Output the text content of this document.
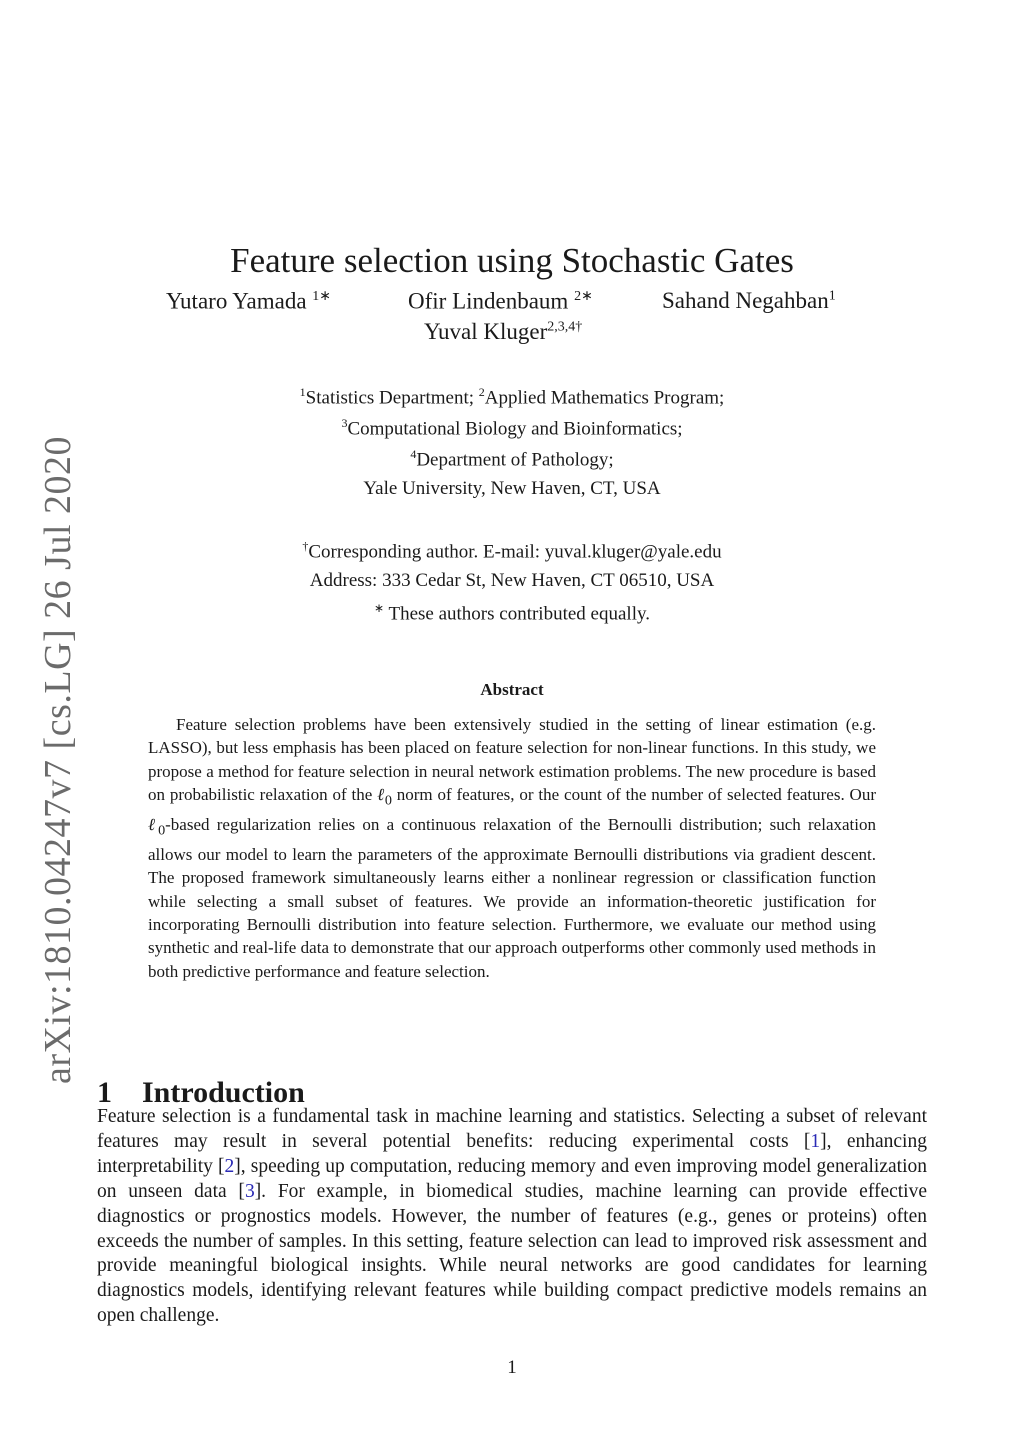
arXiv:1810.04247v7 [cs.LG] 26 Jul 2020
Feature selection using Stochastic Gates
Yutaro Yamada $^{1∗}$	Ofir Lindenbaum $^{2∗}$	Sahand Negahban$^1$
Yuval Kluger$^{2,3,4\dagger}$
$^1$Statistics Department; $^2$Applied Mathematics Program;
$^3$Computational Biology and Bioinformatics;
$^4$Department of Pathology;
Yale University, New Haven, CT, USA
†Corresponding author. E-mail: yuval.kluger@yale.edu
Address: 333 Cedar St, New Haven, CT 06510, USA
∗ These authors contributed equally.
Abstract

Feature selection problems have been extensively studied in the setting of linear estimation (e.g. LASSO), but less emphasis has been placed on feature selection for non-linear functions. In this study, we propose a method for feature selection in neural network estimation problems. The new procedure is based on probabilistic relaxation of the ℓ$_0$ norm of features, or the count of the number of selected features. Our ℓ$_0$-based regularization relies on a continuous relaxation of the Bernoulli distribution; such relaxation allows our model to learn the parameters of the approximate Bernoulli distributions via gradient descent. The proposed framework simultaneously learns either a nonlinear regression or classification function while selecting a small subset of features. We provide an information-theoretic justification for incorporating Bernoulli distribution into feature selection. Furthermore, we evaluate our method using synthetic and real-life data to demonstrate that our approach outperforms other commonly used methods in both predictive performance and feature selection.

1 Introduction

Feature selection is a fundamental task in machine learning and statistics. Selecting a subset of relevant features may result in several potential benefits: reducing experimental costs [1], enhancing interpretability [2], speeding up computation, reducing memory and even improving model generalization on unseen data [3]. For example, in biomedical studies, machine learning can provide effective diagnostics or prognostics models. However, the number of features (e.g., genes or proteins) often exceeds the number of samples. In this setting, feature selection can lead to improved risk assessment and provide meaningful biological insights. While neural networks are good candidates for learning diagnostics models, identifying relevant features while building compact predictive models remains an open challenge.

1
